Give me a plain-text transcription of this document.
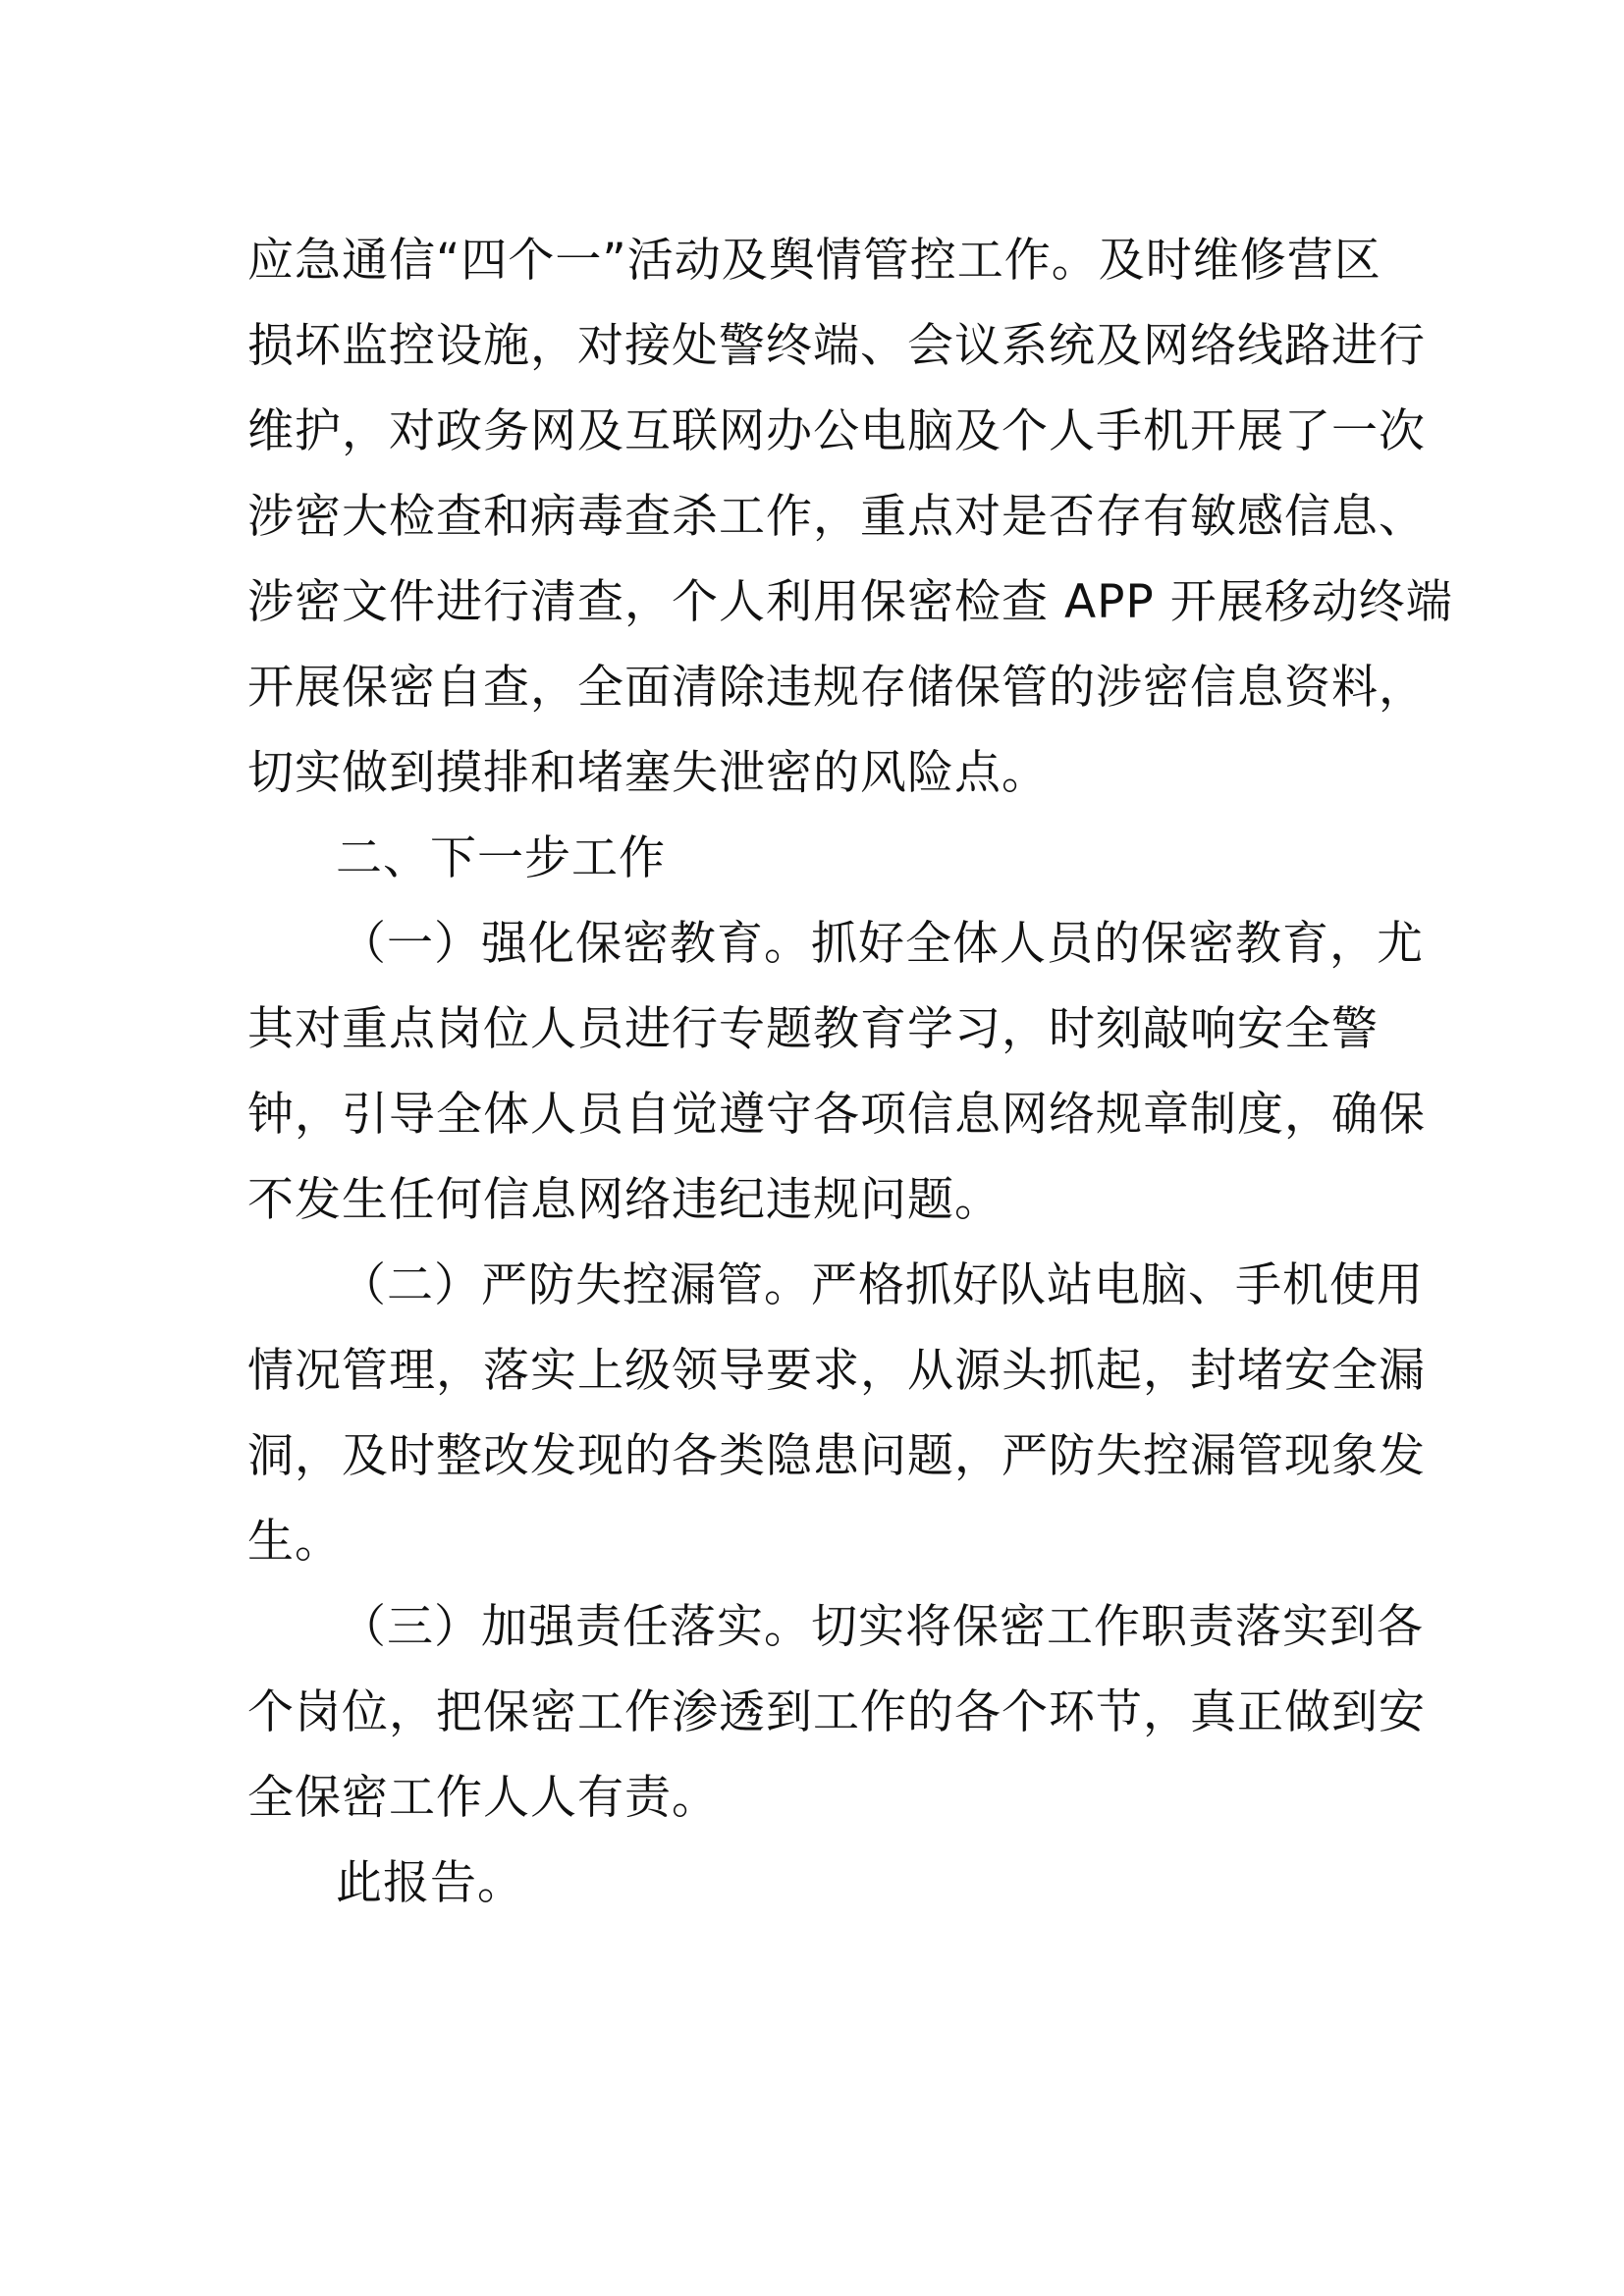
应急通信“四个一”活动及舆情管控工作。及时维修营区
损坏监控设施，对接处警终端、会议系统及网络线路进行
维护，对政务网及互联网办公电脑及个人手机开展了一次
涉密大检查和病毒查杀工作，重点对是否存有敏感信息、
涉密文件进行清查，个人利用保密检查 APP 开展移动终端
开展保密自查，全面清除违规存储保管的涉密信息资料，
切实做到摸排和堵塞失泄密的风险点。
二、下一步工作
（一）强化保密教育。抓好全体人员的保密教育，尤
其对重点岗位人员进行专题教育学习，时刻敲响安全警
钟，引导全体人员自觉遵守各项信息网络规章制度，确保
不发生任何信息网络违纪违规问题。
（二）严防失控漏管。严格抓好队站电脑、手机使用
情况管理，落实上级领导要求，从源头抓起，封堵安全漏
洞，及时整改发现的各类隐患问题，严防失控漏管现象发
生。
（三）加强责任落实。切实将保密工作职责落实到各
个岗位，把保密工作渗透到工作的各个环节，真正做到安
全保密工作人人有责。
此报告。
